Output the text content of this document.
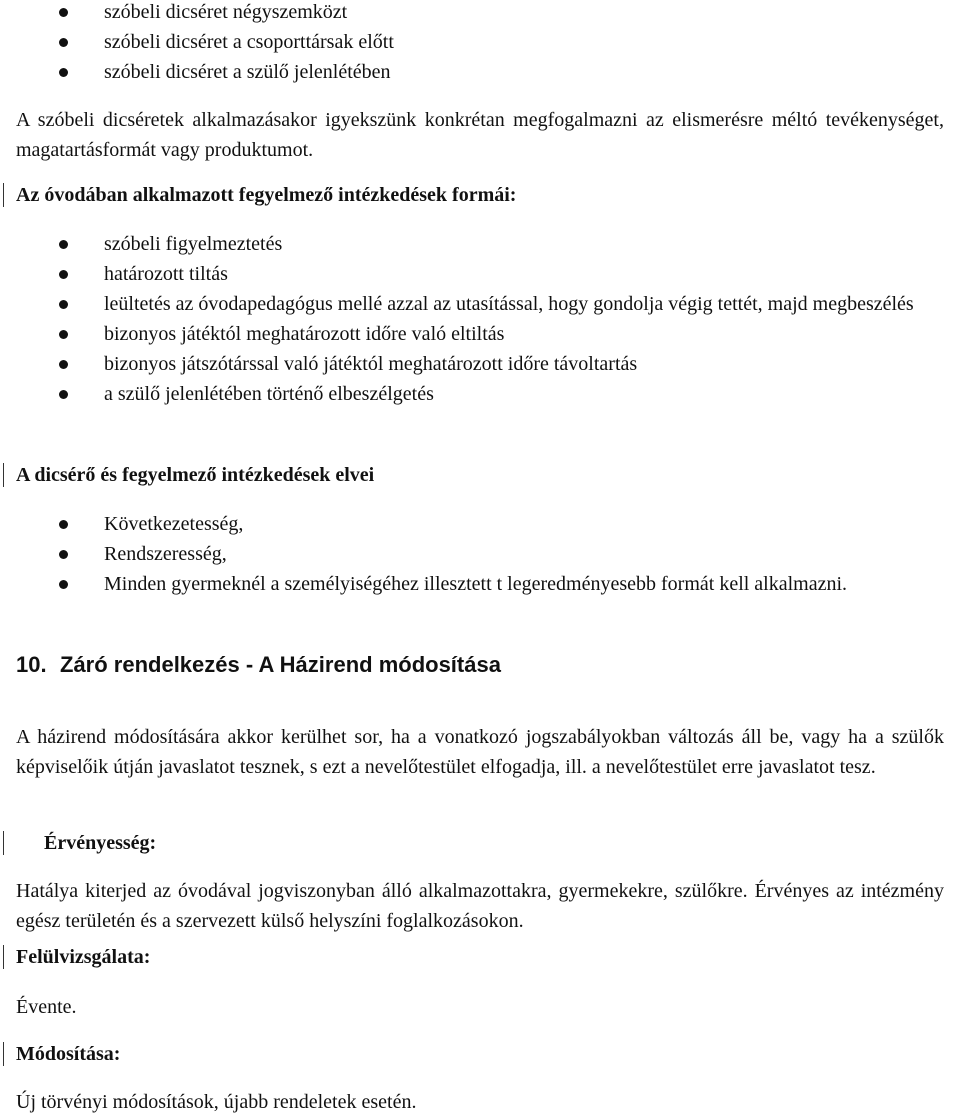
szóbeli dicséret négyszemközt
szóbeli dicséret a csoporttársak előtt
szóbeli dicséret a szülő jelenlétében

A szóbeli dicséretek alkalmazásakor igyekszünk konkrétan megfogalmazni az elismerésre méltó tevékenységet, magatartásformát vagy produktumot.

Az óvodában alkalmazott fegyelmező intézkedések formái:

szóbeli figyelmeztetés
határozott tiltás
leültetés az óvodapedagógus mellé azzal az utasítással, hogy gondolja végig tettét, majd megbeszélés
bizonyos játéktól meghatározott időre való eltiltás
bizonyos játszótárssal való játéktól meghatározott időre távoltartás
a szülő jelenlétében történő elbeszélgetés

A dicsérő és fegyelmező intézkedések elvei

Következetesség,
Rendszeresség,
Minden gyermeknél a személyiségéhez illesztett t legeredményesebb formát kell alkalmazni.

10. Záró rendelkezés - A Házirend módosítása

A házirend módosítására akkor kerülhet sor, ha a vonatkozó jogszabályokban változás áll be, vagy ha a szülők képviselőik útján javaslatot tesznek, s ezt a nevelőtestület elfogadja, ill. a nevelőtestület erre javaslatot tesz.

Érvényesség:

Hatálya kiterjed az óvodával jogviszonyban álló alkalmazottakra, gyermekekre, szülőkre. Érvényes az intézmény egész területén és a szervezett külső helyszíni foglalkozásokon.

Felülvizsgálata:

Évente.

Módosítása:

Új törvényi módosítások, újabb rendeletek esetén.
